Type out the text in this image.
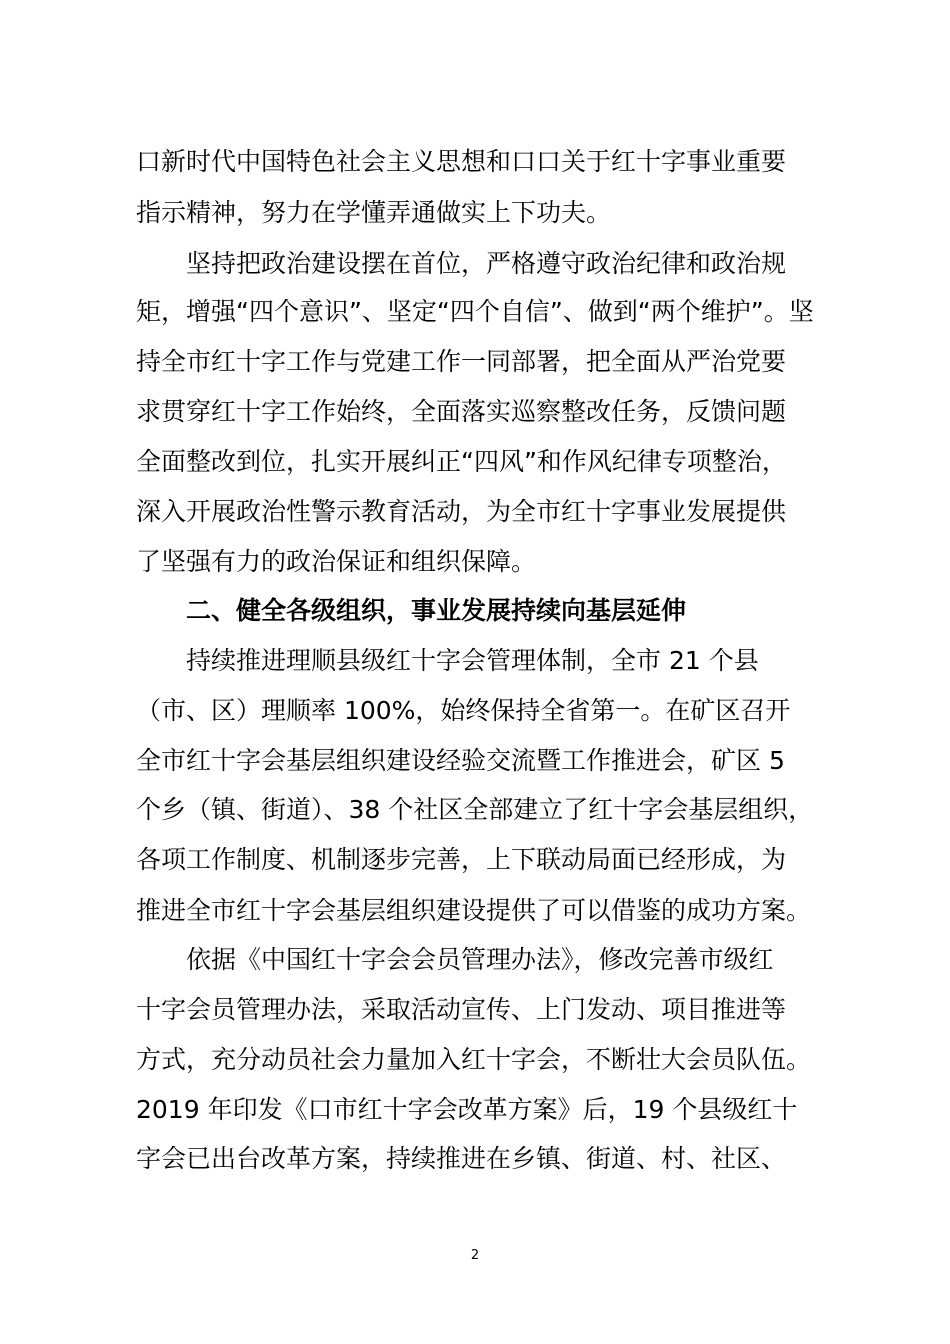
口新时代中国特色社会主义思想和口口关于红十字事业重要
指示精神，努力在学懂弄通做实上下功夫。
　　坚持把政治建设摆在首位，严格遵守政治纪律和政治规
矩，增强“四个意识”、坚定“四个自信”、做到“两个维护”。坚
持全市红十字工作与党建工作一同部署，把全面从严治党要
求贯穿红十字工作始终，全面落实巡察整改任务，反馈问题
全面整改到位，扎实开展纠正“四风”和作风纪律专项整治，
深入开展政治性警示教育活动，为全市红十字事业发展提供
了坚强有力的政治保证和组织保障。
　　二、健全各级组织，事业发展持续向基层延伸
　　持续推进理顺县级红十字会管理体制，全市 21 个县
（市、区）理顺率 100%，始终保持全省第一。在矿区召开
全市红十字会基层组织建设经验交流暨工作推进会，矿区 5
个乡（镇、街道）、38 个社区全部建立了红十字会基层组织，
各项工作制度、机制逐步完善，上下联动局面已经形成，为
推进全市红十字会基层组织建设提供了可以借鉴的成功方案。
　　依据《中国红十字会会员管理办法》，修改完善市级红
十字会员管理办法，采取活动宣传、上门发动、项目推进等
方式，充分动员社会力量加入红十字会，不断壮大会员队伍。
2019 年印发《口市红十字会改革方案》后，19 个县级红十
字会已出台改革方案，持续推进在乡镇、街道、村、社区、
2
